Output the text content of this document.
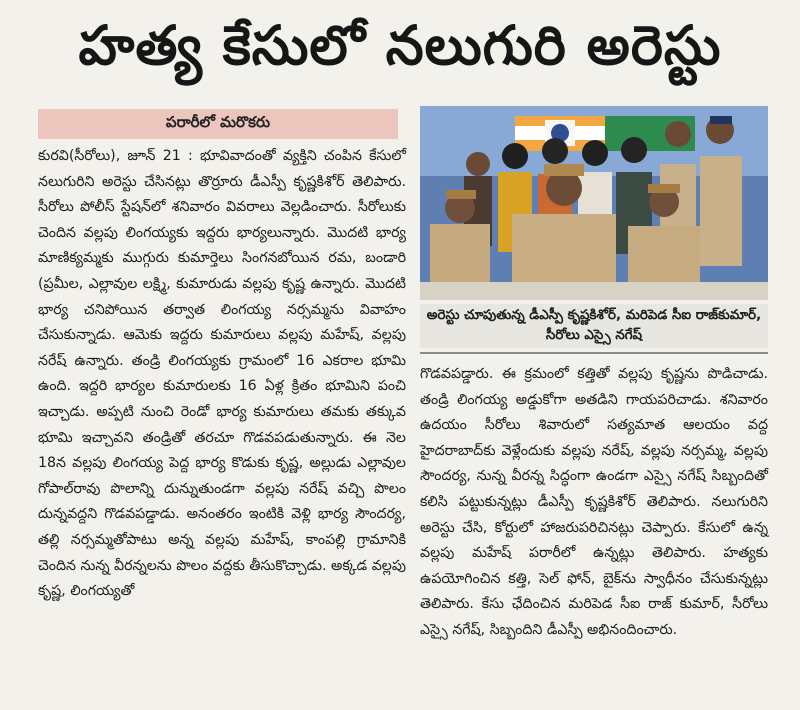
హత్య కేసులో నలుగురి అరెస్టు
పరారీలో మరొకరు

కురవి(సీరోలు), జూన్ 21 : భూవివాదంతో వ్యక్తిని చంపిన కేసులో నలుగురిని అరెస్టు చేసినట్లు తొర్రూరు డీఎస్పీ కృష్ణకిశోర్ తెలిపారు. సీరోలు పోలీస్ స్టేషన్‌లో శనివారం వివరాలు వెల్లడించారు. సీరోలుకు చెందిన వల్లపు లింగయ్యకు ఇద్దరు భార్యలున్నారు. మొదటి భార్య మాణిక్యమ్మకు ముగ్గురు కుమార్తెలు సింగనబోయిన రమ, బండారి (ప్రమీల, ఎల్లావుల లక్ష్మి, కుమారుడు వల్లపు కృష్ణ ఉన్నారు. మొదటి భార్య చనిపోయిన తర్వాత లింగయ్య నర్సమ్మను వివాహం చేసుకున్నాడు. ఆమెకు ఇద్దరు కుమారులు వల్లపు మహేష్, వల్లపు నరేష్ ఉన్నారు. తండ్రి లింగయ్యకు గ్రామంలో 16 ఎకరాల భూమి ఉంది. ఇద్దరి భార్యల కుమారులకు 16 ఏళ్ల క్రితం భూమిని పంచి ఇచ్చాడు. అప్పటి నుంచి రెండో భార్య కుమారులు తమకు తక్కువ భూమి ఇచ్చావని తండ్రితో తరచూ గొడవపడుతున్నారు. ఈ నెల 18న వల్లపు లింగయ్య పెద్ద భార్య కొడుకు కృష్ణ, అల్లుడు ఎల్లావుల గోపాల్‌రావు పొలాన్ని దున్నుతుండగా వల్లపు నరేష్ వచ్చి పొలం దున్నవద్దని గొడవపడ్డాడు. అనంతరం ఇంటికి వెళ్లి భార్య సౌందర్య, తల్లి నర్సమ్మతోపాటు అన్న వల్లపు మహేష్, కాంపల్లి గ్రామానికి చెందిన నున్న వీరన్నలను పొలం వద్దకు తీసుకొచ్చాడు. అక్కడ వల్లపు కృష్ణ, లింగయ్యతో

అరెస్టు చూపుతున్న డీఎస్పీ కృష్ణకిశోర్, మరిపెడ సీఐ రాజ్‌కుమార్, సీరోలు ఎస్సై నగేష్

గొడవపడ్డారు. ఈ క్రమంలో కత్తితో వల్లపు కృష్ణను పొడిచాడు. తండ్రి లింగయ్య అడ్డుకోగా అతడిని గాయపరిచాడు. శనివారం ఉదయం సీరోలు శివారులో సత్యమాత ఆలయం వద్ద హైదరాబాద్‌కు వెళ్లేందుకు వల్లపు నరేష్, వల్లపు నర్సమ్మ, వల్లపు సౌందర్య, నున్న వీరన్న సిద్ధంగా ఉండగా ఎస్సై నగేష్ సిబ్బందితో కలిసి పట్టుకున్నట్లు డీఎస్పీ కృష్ణకిశోర్ తెలిపారు. నలుగురిని అరెస్టు చేసి, కోర్టులో హాజరుపరిచినట్లు చెప్పారు. కేసులో ఉన్న వల్లపు మహేష్ పరారీలో ఉన్నట్లు తెలిపారు. హత్యకు ఉపయోగించిన కత్తి, సెల్ ఫోన్, బైక్‌ను స్వాధీనం చేసుకున్నట్లు తెలిపారు. కేసు ఛేదించిన మరిపెడ సీఐ రాజ్ కుమార్, సీరోలు ఎస్సై నగేష్, సిబ్బందిని డీఎస్పీ అభినందించారు.
